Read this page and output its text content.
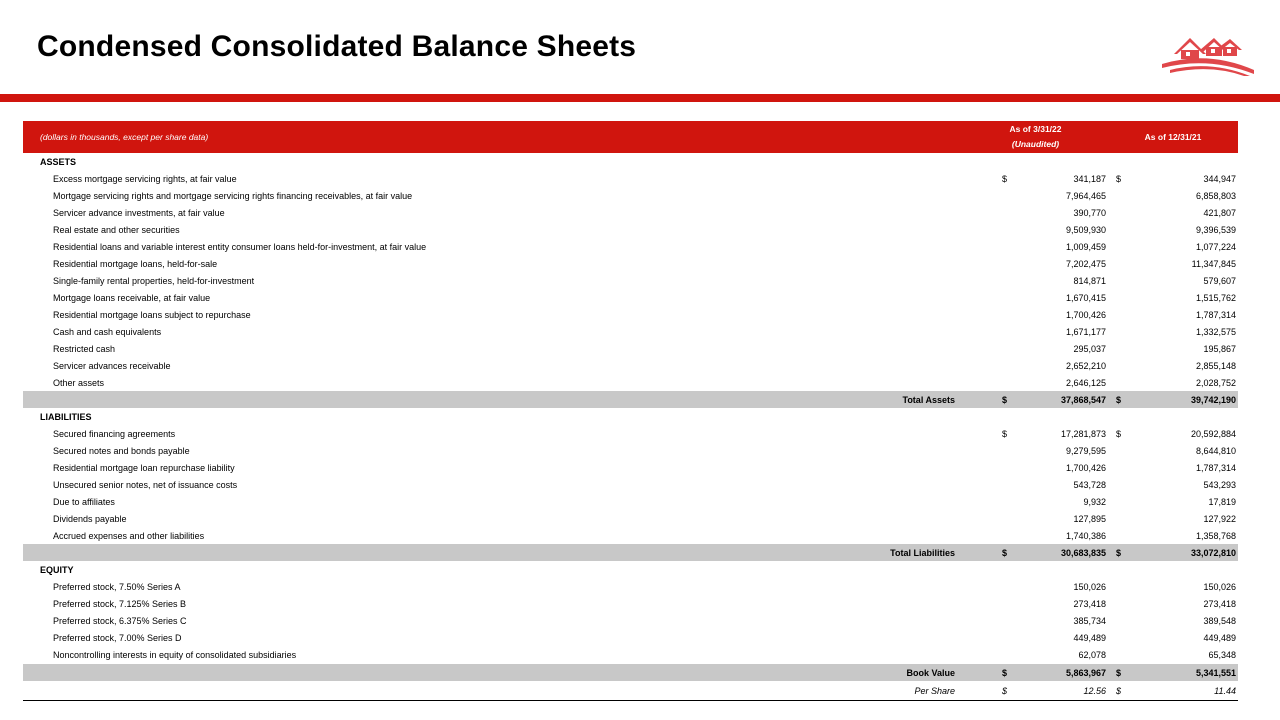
Condensed Consolidated Balance Sheets
(dollars in thousands, except per share data)	As of 3/31/22
(Unaudited)		As of 12/31/21	
ASSETS				
Excess mortgage servicing rights, at fair value	$	341,187	$	344,947
Mortgage servicing rights and mortgage servicing rights financing receivables, at fair value		7,964,465		6,858,803
Servicer advance investments, at fair value		390,770		421,807
Real estate and other securities		9,509,930		9,396,539
Residential loans and variable interest entity consumer loans held-for-investment, at fair value		1,009,459		1,077,224
Residential mortgage loans, held-for-sale		7,202,475		11,347,845
Single-family rental properties, held-for-investment		814,871		579,607
Mortgage loans receivable, at fair value		1,670,415		1,515,762
Residential mortgage loans subject to repurchase		1,700,426		1,787,314
Cash and cash equivalents		1,671,177		1,332,575
Restricted cash		295,037		195,867
Servicer advances receivable		2,652,210		2,855,148
Other assets		2,646,125		2,028,752
Total Assets	$	37,868,547	$	39,742,190
LIABILITIES				
Secured financing agreements	$	17,281,873	$	20,592,884
Secured notes and bonds payable		9,279,595		8,644,810
Residential mortgage loan repurchase liability		1,700,426		1,787,314
Unsecured senior notes, net of issuance costs		543,728		543,293
Due to affiliates		9,932		17,819
Dividends payable		127,895		127,922
Accrued expenses and other liabilities		1,740,386		1,358,768
Total Liabilities	$	30,683,835	$	33,072,810
EQUITY				
Preferred stock, 7.50% Series A		150,026		150,026
Preferred stock, 7.125% Series B		273,418		273,418
Preferred stock, 6.375% Series C		385,734		389,548
Preferred stock, 7.00% Series D		449,489		449,489
Noncontrolling interests in equity of consolidated subsidiaries		62,078		65,348
Book Value	$	5,863,967	$	5,341,551
Per Share	$	12.56	$	11.44
